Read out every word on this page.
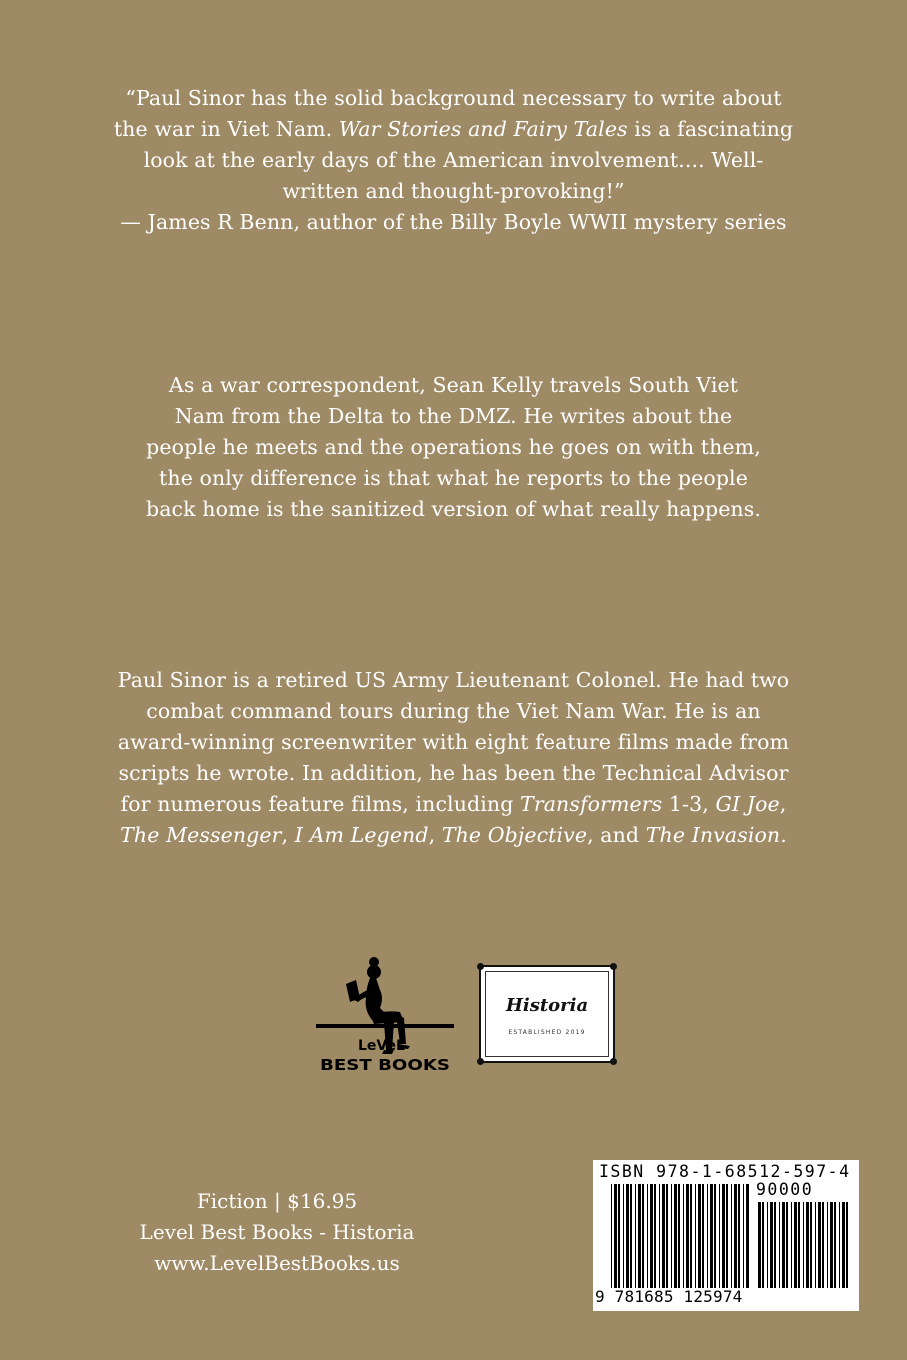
“Paul Sinor has the solid background necessary to write about
the war in Viet Nam. War Stories and Fairy Tales is a fascinating
look at the early days of the American involvement.... Well-
written and thought-provoking!”
— James R Benn, author of the Billy Boyle WWII mystery series
As a war correspondent, Sean Kelly travels South Viet
Nam from the Delta to the DMZ. He writes about the
people he meets and the operations he goes on with them,
the only difference is that what he reports to the people
back home is the sanitized version of what really happens.
Paul Sinor is a retired US Army Lieutenant Colonel. He had two
combat command tours during the Viet Nam War. He is an
award-winning screenwriter with eight feature films made from
scripts he wrote. In addition, he has been the Technical Advisor
for numerous feature films, including Transformers 1-3, GI Joe,
The Messenger, I Am Legend, The Objective, and The Invasion.
LeVeL
BEST BOOKS
Historia
ESTABLISHED 2019
Fiction | $16.95
Level Best Books - Historia
www.LevelBestBooks.us
ISBN 978-1-68512-597-4
90000
9 781685 125974
